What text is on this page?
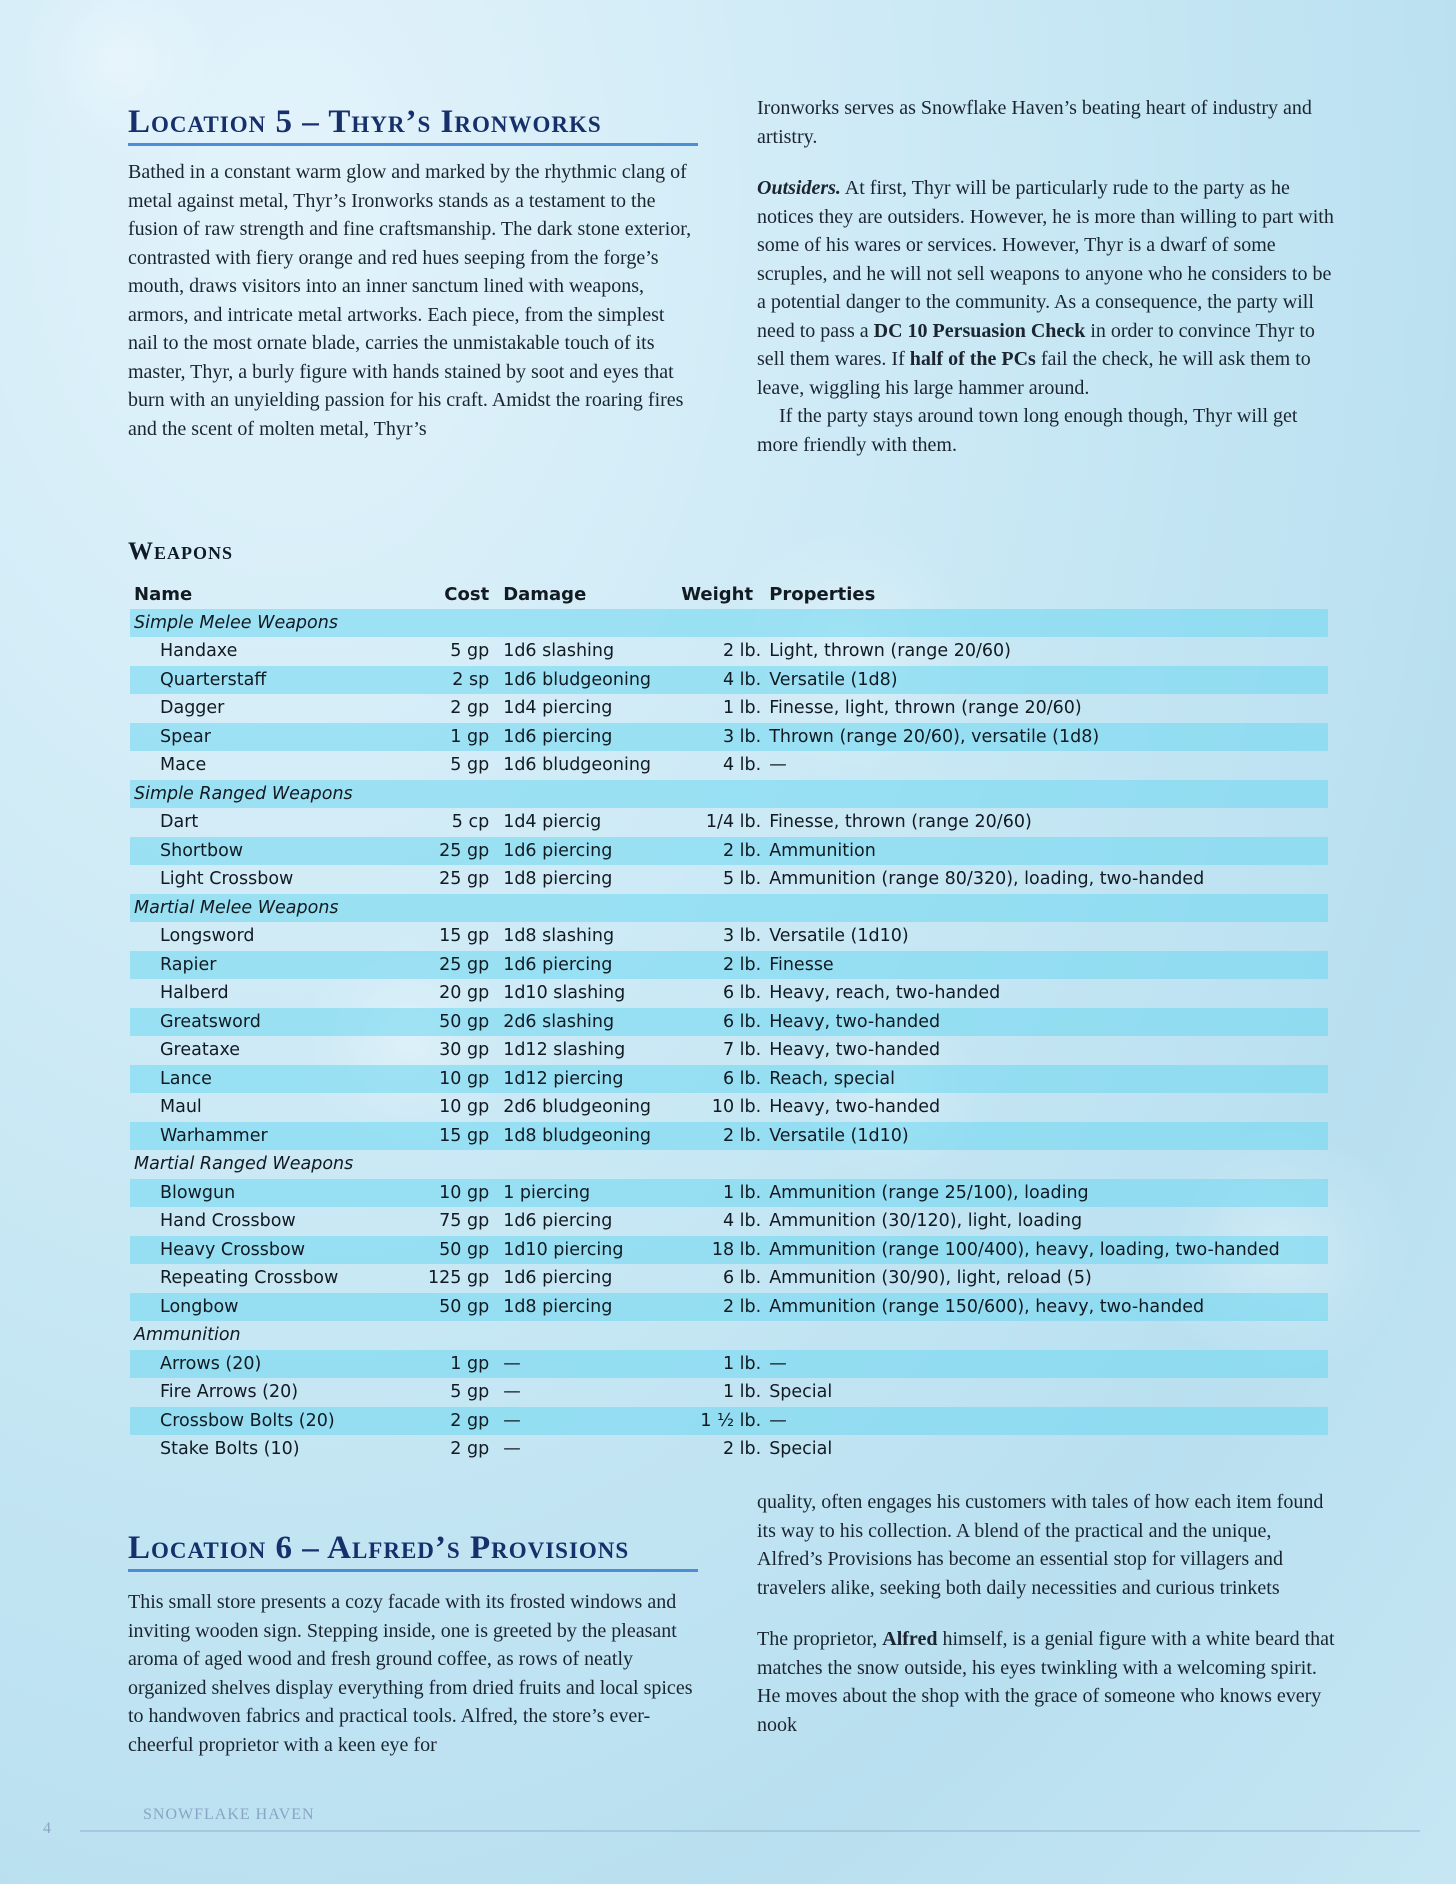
Location 5 – Thyr’s Ironworks

Bathed in a constant warm glow and marked by the rhythmic clang of metal against metal, Thyr’s Ironworks stands as a testament to the fusion of raw strength and fine craftsmanship. The dark stone exterior, contrasted with fiery orange and red hues seeping from the forge’s mouth, draws visitors into an inner sanctum lined with weapons, armors, and intricate metal artworks. Each piece, from the simplest nail to the most ornate blade, carries the unmistakable touch of its master, Thyr, a burly figure with hands stained by soot and eyes that burn with an unyielding passion for his craft. Amidst the roaring fires and the scent of molten metal, Thyr’s

Ironworks serves as Snowflake Haven’s beating heart of industry and artistry.

Outsiders. At first, Thyr will be particularly rude to the party as he notices they are outsiders. However, he is more than willing to part with some of his wares or services. However, Thyr is a dwarf of some scruples, and he will not sell weapons to anyone who he considers to be a potential danger to the community. As a consequence, the party will need to pass a DC 10 Persuasion Check in order to convince Thyr to sell them wares. If half of the PCs fail the check, he will ask them to leave, wiggling his large hammer around.

If the party stays around town long enough though, Thyr will get more friendly with them.

Weapons
Name	Cost	Damage	Weight	Properties
Simple Melee Weapons				
Handaxe	5 gp	1d6 slashing	2 lb.	Light, thrown (range 20/60)
Quarterstaff	2 sp	1d6 bludgeoning	4 lb.	Versatile (1d8)
Dagger	2 gp	1d4 piercing	1 lb.	Finesse, light, thrown (range 20/60)
Spear	1 gp	1d6 piercing	3 lb.	Thrown (range 20/60), versatile (1d8)
Mace	5 gp	1d6 bludgeoning	4 lb.	—
Simple Ranged Weapons				
Dart	5 cp	1d4 piercig	1/4 lb.	Finesse, thrown (range 20/60)
Shortbow	25 gp	1d6 piercing	2 lb.	Ammunition
Light Crossbow	25 gp	1d8 piercing	5 lb.	Ammunition (range 80/320), loading, two-handed
Martial Melee Weapons				
Longsword	15 gp	1d8 slashing	3 lb.	Versatile (1d10)
Rapier	25 gp	1d6 piercing	2 lb.	Finesse
Halberd	20 gp	1d10 slashing	6 lb.	Heavy, reach, two-handed
Greatsword	50 gp	2d6 slashing	6 lb.	Heavy, two-handed
Greataxe	30 gp	1d12 slashing	7 lb.	Heavy, two-handed
Lance	10 gp	1d12 piercing	6 lb.	Reach, special
Maul	10 gp	2d6 bludgeoning	10 lb.	Heavy, two-handed
Warhammer	15 gp	1d8 bludgeoning	2 lb.	Versatile (1d10)
Martial Ranged Weapons				
Blowgun	10 gp	1 piercing	1 lb.	Ammunition (range 25/100), loading
Hand Crossbow	75 gp	1d6 piercing	4 lb.	Ammunition (30/120), light, loading
Heavy Crossbow	50 gp	1d10 piercing	18 lb.	Ammunition (range 100/400), heavy, loading, two-handed
Repeating Crossbow	125 gp	1d6 piercing	6 lb.	Ammunition (30/90), light, reload (5)
Longbow	50 gp	1d8 piercing	2 lb.	Ammunition (range 150/600), heavy, two-handed
Ammunition				
Arrows (20)	1 gp	—	1 lb.	—
Fire Arrows (20)	5 gp	—	1 lb.	Special
Crossbow Bolts (20)	2 gp	—	1 ½ lb.	—
Stake Bolts (10)	2 gp	—	2 lb.	Special

quality, often engages his customers with tales of how each item found its way to his collection. A blend of the practical and the unique, Alfred’s Provisions has become an essential stop for villagers and travelers alike, seeking both daily necessities and curious trinkets

The proprietor, Alfred himself, is a genial figure with a white beard that matches the snow outside, his eyes twinkling with a welcoming spirit. He moves about the shop with the grace of someone who knows every nook

Location 6 – Alfred’s Provisions

This small store presents a cozy facade with its frosted windows and inviting wooden sign. Stepping inside, one is greeted by the pleasant aroma of aged wood and fresh ground coffee, as rows of neatly organized shelves display everything from dried fruits and local spices to handwoven fabrics and practical tools. Alfred, the store’s ever-cheerful proprietor with a keen eye for

4
SNOWFLAKE HAVEN
